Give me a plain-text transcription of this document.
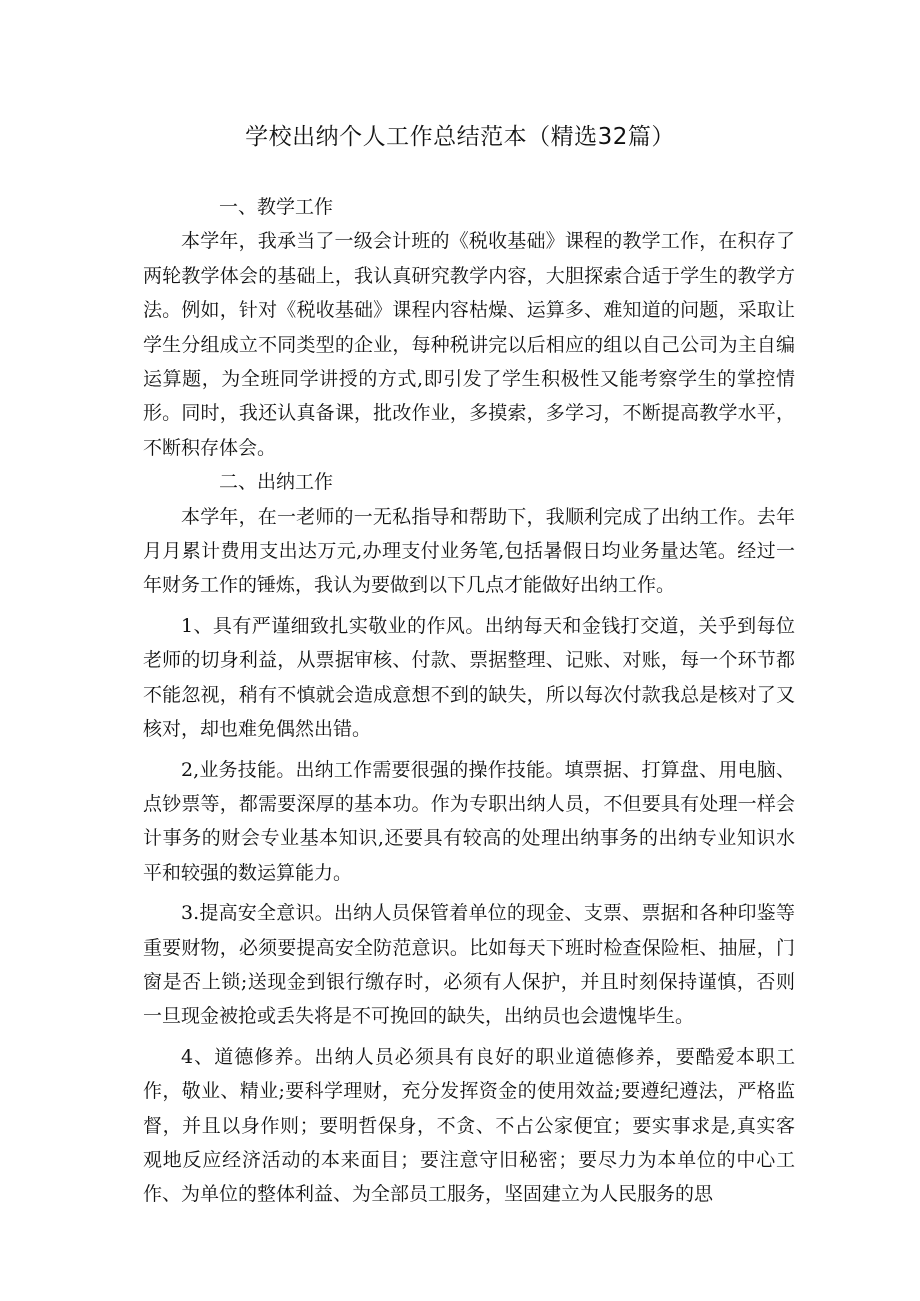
学校出纳个人工作总结范本（精选32篇）

一、教学工作

本学年，我承当了一级会计班的《税收基础》课程的教学工作，在积存了两轮教学体会的基础上，我认真研究教学内容，大胆探索合适于学生的教学方法。例如，针对《税收基础》课程内容枯燥、运算多、难知道的问题，采取让学生分组成立不同类型的企业，每种税讲完以后相应的组以自己公司为主自编运算题，为全班同学讲授的方式,即引发了学生积极性又能考察学生的掌控情形。同时，我还认真备课，批改作业，多摸索，多学习，不断提高教学水平，不断积存体会。

二、出纳工作

本学年，在一老师的一无私指导和帮助下，我顺利完成了出纳工作。去年月月累计费用支出达万元,办理支付业务笔,包括暑假日均业务量达笔。经过一年财务工作的锤炼，我认为要做到以下几点才能做好出纳工作。

1、具有严谨细致扎实敬业的作风。出纳每天和金钱打交道，关乎到每位老师的切身利益，从票据审核、付款、票据整理、记账、对账，每一个环节都不能忽视，稍有不慎就会造成意想不到的缺失，所以每次付款我总是核对了又核对，却也难免偶然出错。

2,业务技能。出纳工作需要很强的操作技能。填票据、打算盘、用电脑、点钞票等，都需要深厚的基本功。作为专职出纳人员，不但要具有处理一样会计事务的财会专业基本知识,还要具有较高的处理出纳事务的出纳专业知识水平和较强的数运算能力。

3.提高安全意识。出纳人员保管着单位的现金、支票、票据和各种印鉴等重要财物，必须要提高安全防范意识。比如每天下班时检查保险柜、抽屉，门窗是否上锁;送现金到银行缴存时，必须有人保护，并且时刻保持谨慎，否则一旦现金被抢或丢失将是不可挽回的缺失，出纳员也会遗愧毕生。

4、道德修养。出纳人员必须具有良好的职业道德修养，要酷爱本职工作，敬业、精业;要科学理财，充分发挥资金的使用效益;要遵纪遵法，严格监督，并且以身作则；要明哲保身，不贪、不占公家便宜；要实事求是,真实客观地反应经济活动的本来面目；要注意守旧秘密；要尽力为本单位的中心工作、为单位的整体利益、为全部员工服务，坚固建立为人民服务的思
